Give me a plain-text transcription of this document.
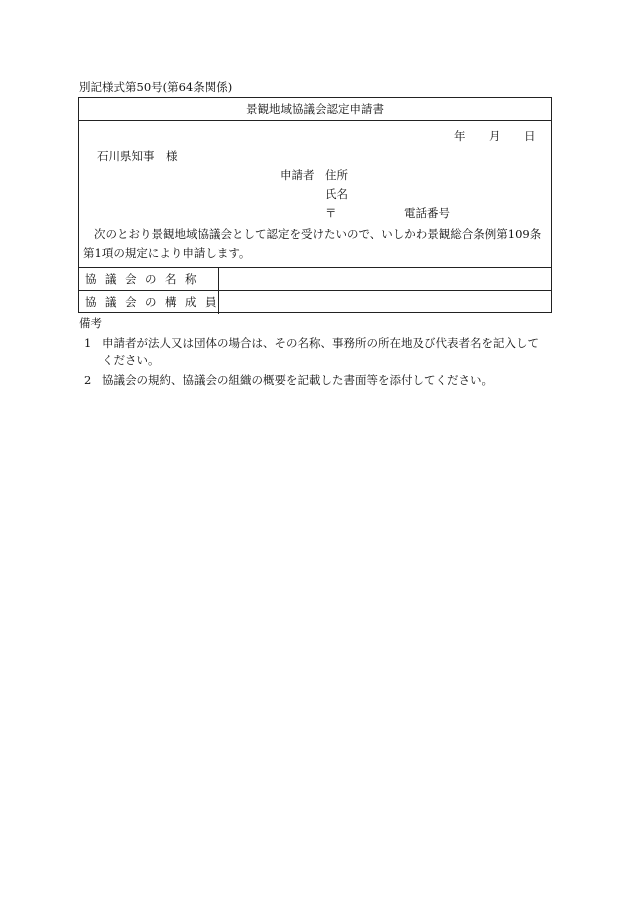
別記様式第50号(第64条関係)
景観地域協議会認定申請書
年 月 日
石川県知事　様
申請者 住所
氏名
〒	電話番号
次のとおり景観地域協議会として認定を受けたいので、いしかわ景観総合条例第109条第1項の規定により申請します。
協議会の名称
協議会の構成員
備考
1 申請者が法人又は団体の場合は、その名称、事務所の所在地及び代表者名を記入してください。
2 協議会の規約、協議会の組織の概要を記載した書面等を添付してください。
